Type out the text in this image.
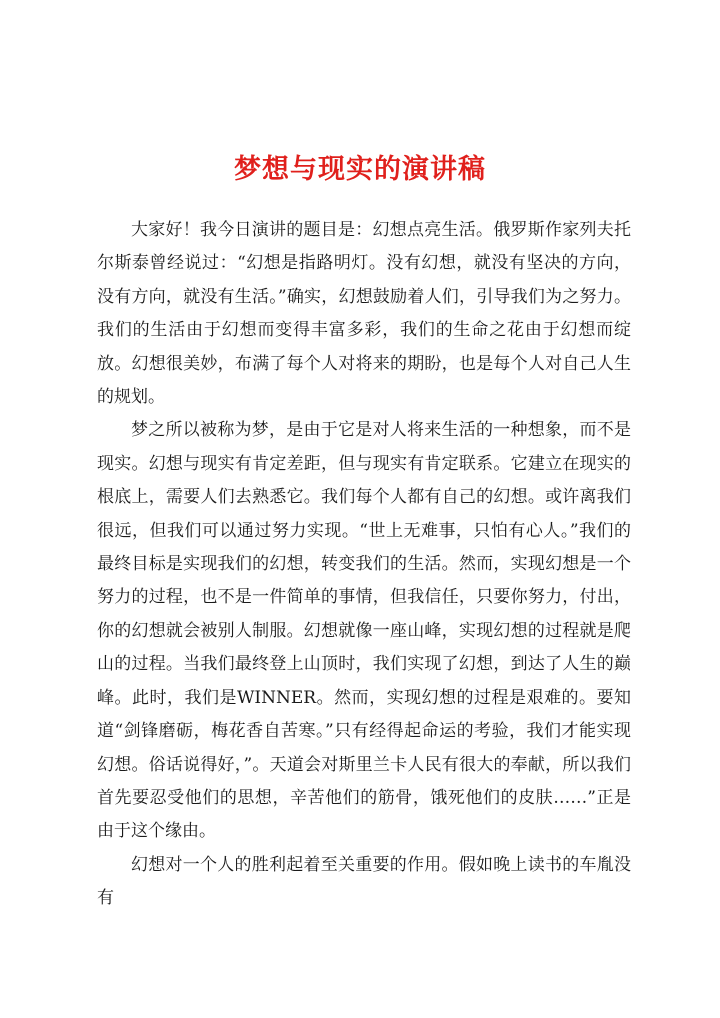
梦想与现实的演讲稿

大家好！我今日演讲的题目是：幻想点亮生活。俄罗斯作家列夫托尔斯泰曾经说过：“幻想是指路明灯。没有幻想，就没有坚决的方向，没有方向，就没有生活。”确实，幻想鼓励着人们，引导我们为之努力。我们的生活由于幻想而变得丰富多彩，我们的生命之花由于幻想而绽放。幻想很美妙，布满了每个人对将来的期盼，也是每个人对自己人生的规划。

梦之所以被称为梦，是由于它是对人将来生活的一种想象，而不是现实。幻想与现实有肯定差距，但与现实有肯定联系。它建立在现实的根底上，需要人们去熟悉它。我们每个人都有自己的幻想。或许离我们很远，但我们可以通过努力实现。“世上无难事，只怕有心人。”我们的最终目标是实现我们的幻想，转变我们的生活。然而，实现幻想是一个努力的过程，也不是一件简单的事情，但我信任，只要你努力，付出，你的幻想就会被别人制服。幻想就像一座山峰，实现幻想的过程就是爬山的过程。当我们最终登上山顶时，我们实现了幻想，到达了人生的巅峰。此时，我们是WINNER。然而，实现幻想的过程是艰难的。要知道“剑锋磨砺，梅花香自苦寒。”只有经得起命运的考验，我们才能实现幻想。俗话说得好，”。天道会对斯里兰卡人民有很大的奉献，所以我们首先要忍受他们的思想，辛苦他们的筋骨，饿死他们的皮肤……”正是由于这个缘由。

幻想对一个人的胜利起着至关重要的作用。假如晚上读书的车胤没有
